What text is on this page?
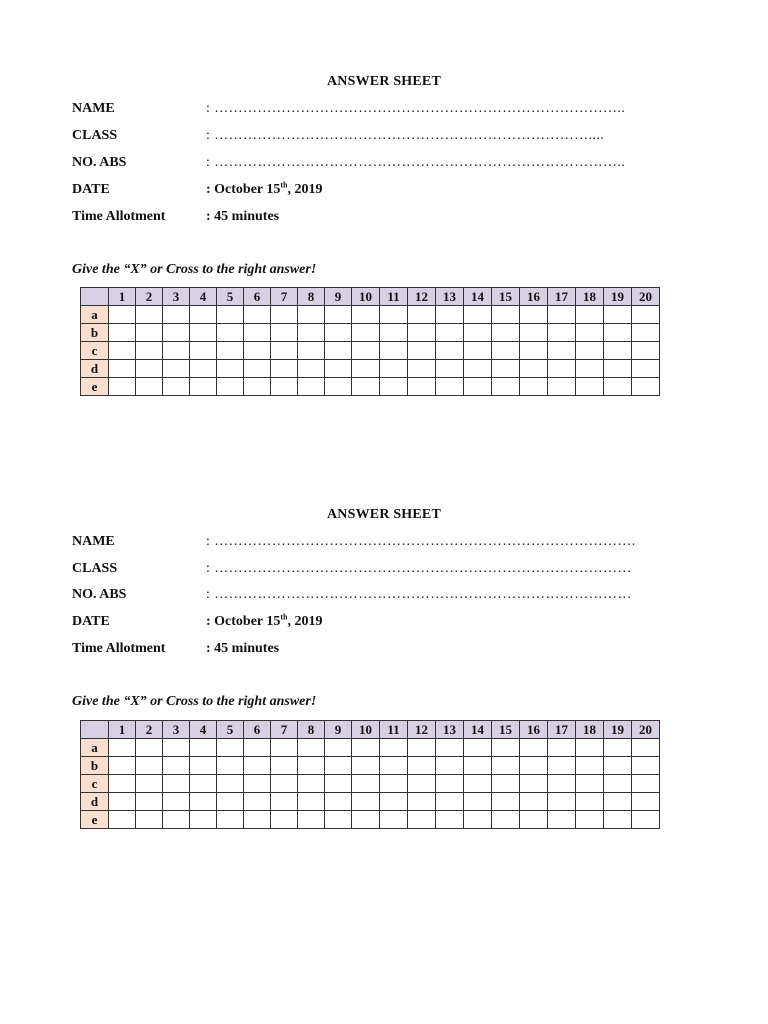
ANSWER SHEET
NAME	: …………………………………………………………………………..
CLASS	: ……………………………………………………………………....
NO. ABS	: …………………………………………………………………………..
DATE	: October 15th, 2019
Time Allotment	: 45 minutes
Give the “X” or Cross to the right answer!
	1	2	3	4	5	6	7	8	9	10	11	12	13	14	15	16	17	18	19	20
a																				
b																				
c																				
d																				
e																				
ANSWER SHEET
NAME	: …………………………………………………………………………….
CLASS	: ……………………………………………………………………………
NO. ABS	: ……………………………………………………………………………
DATE	: October 15th, 2019
Time Allotment	: 45 minutes
Give the “X” or Cross to the right answer!
	1	2	3	4	5	6	7	8	9	10	11	12	13	14	15	16	17	18	19	20
a																				
b																				
c																				
d																				
e																				
